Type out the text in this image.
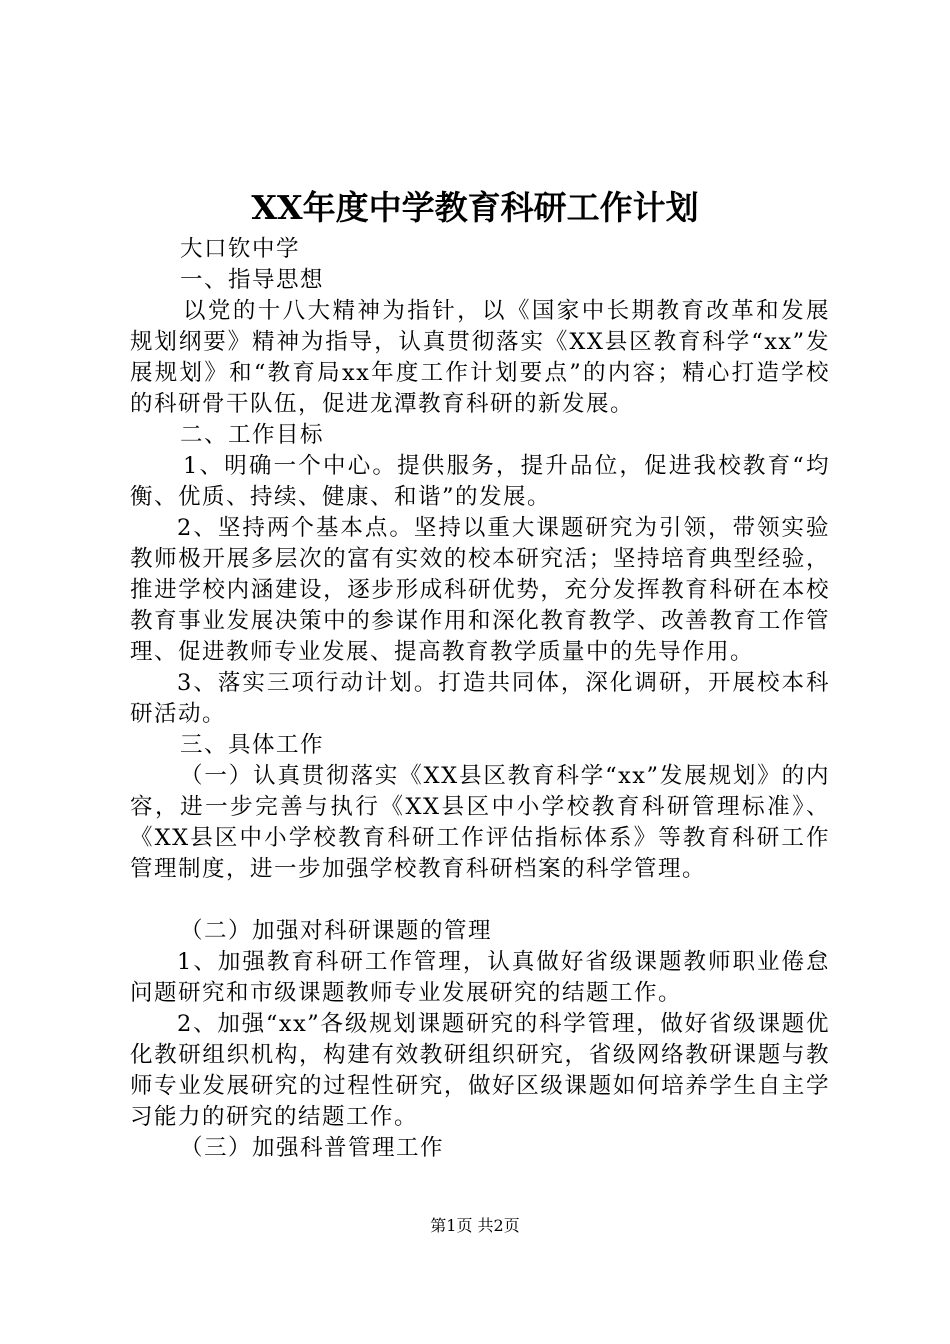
XX年度中学教育科研工作计划

大口钦中学

一、指导思想

以党的十八大精神为指针，以《国家中长期教育改革和发展规划纲要》精神为指导，认真贯彻落实《XX县区教育科学“xx”发展规划》和“教育局xx年度工作计划要点”的内容；精心打造学校的科研骨干队伍，促进龙潭教育科研的新发展。

二、工作目标

1、明确一个中心。提供服务，提升品位，促进我校教育“均衡、优质、持续、健康、和谐”的发展。

2、坚持两个基本点。坚持以重大课题研究为引领，带领实验教师极开展多层次的富有实效的校本研究活；坚持培育典型经验，推进学校内涵建设，逐步形成科研优势，充分发挥教育科研在本校教育事业发展决策中的参谋作用和深化教育教学、改善教育工作管理、促进教师专业发展、提高教育教学质量中的先导作用。

3、落实三项行动计划。打造共同体，深化调研，开展校本科研活动。

三、具体工作

（一）认真贯彻落实《XX县区教育科学“xx”发展规划》的内容，进一步完善与执行《XX县区中小学校教育科研管理标准》、《XX县区中小学校教育科研工作评估指标体系》等教育科研工作管理制度，进一步加强学校教育科研档案的科学管理。

（二）加强对科研课题的管理

1、加强教育科研工作管理，认真做好省级课题教师职业倦怠问题研究和市级课题教师专业发展研究的结题工作。

2、加强“xx”各级规划课题研究的科学管理，做好省级课题优化教研组织机构，构建有效教研组织研究，省级网络教研课题与教师专业发展研究的过程性研究，做好区级课题如何培养学生自主学习能力的研究的结题工作。

（三）加强科普管理工作

第1页 共2页
